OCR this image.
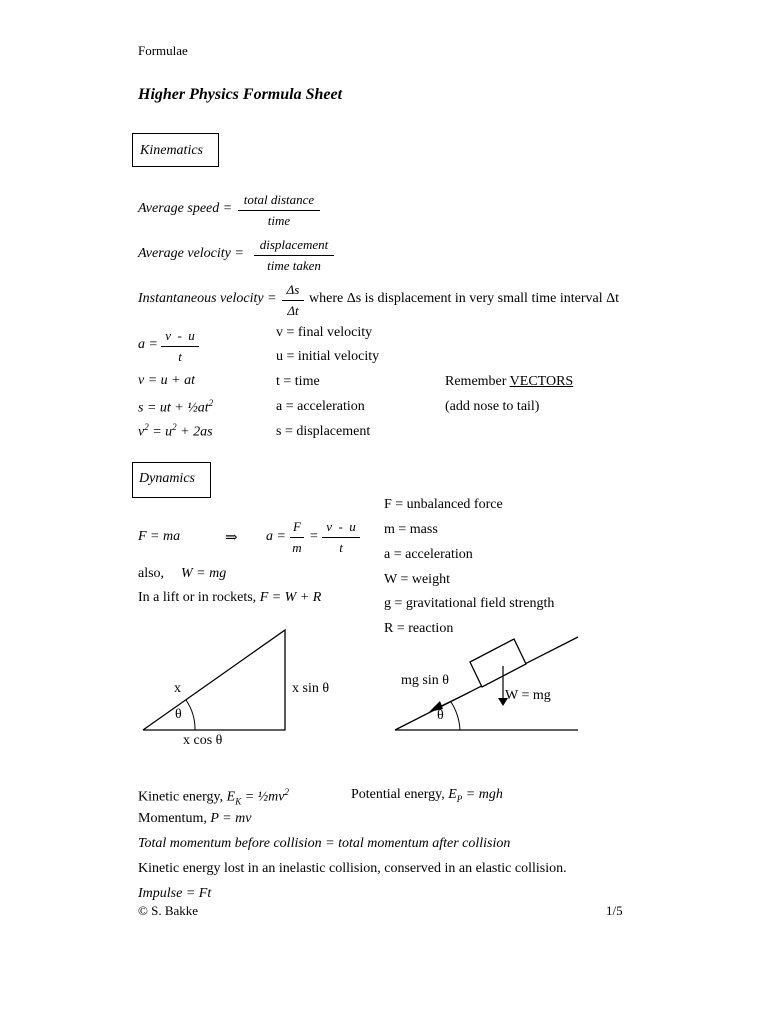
Formulae
Higher Physics Formula Sheet
Kinematics
Average speed =
total distance
time
Average velocity =
displacement
time taken
Instantaneous velocity = $\frac{\Delta s}{\Delta t}$ where Δs is displacement in very small time interval Δt
$a = \frac{v - u}{t}$
v = u + at
s = ut + $\frac{1}{2}at^2$
$v^2 = u^2 + 2as$
v = final velocity
u = initial velocity
t = time
a = acceleration
s = displacement
Remember VECTORS
(add nose to tail)
Dynamics
F = unbalanced force
m = mass
a = acceleration
W = weight
g = gravitational field strength
R = reaction
F = ma	⇒ $a = \frac{F}{m} = \frac{v - u}{t}$
also, W = mg
In a lift or in rockets, F = W + R
x	x sin θ
θ
x cos θ
mg sin θ
W = mg
θ
Kinetic energy, $E_K$ = $\frac{1}{2}mv^2$	Potential energy, $E_P$ = mgh
Momentum, P = mv
Total momentum before collision = total momentum after collision
Kinetic energy lost in an inelastic collision, conserved in an elastic collision.
Impulse = Ft
© S. Bakke	1/5
